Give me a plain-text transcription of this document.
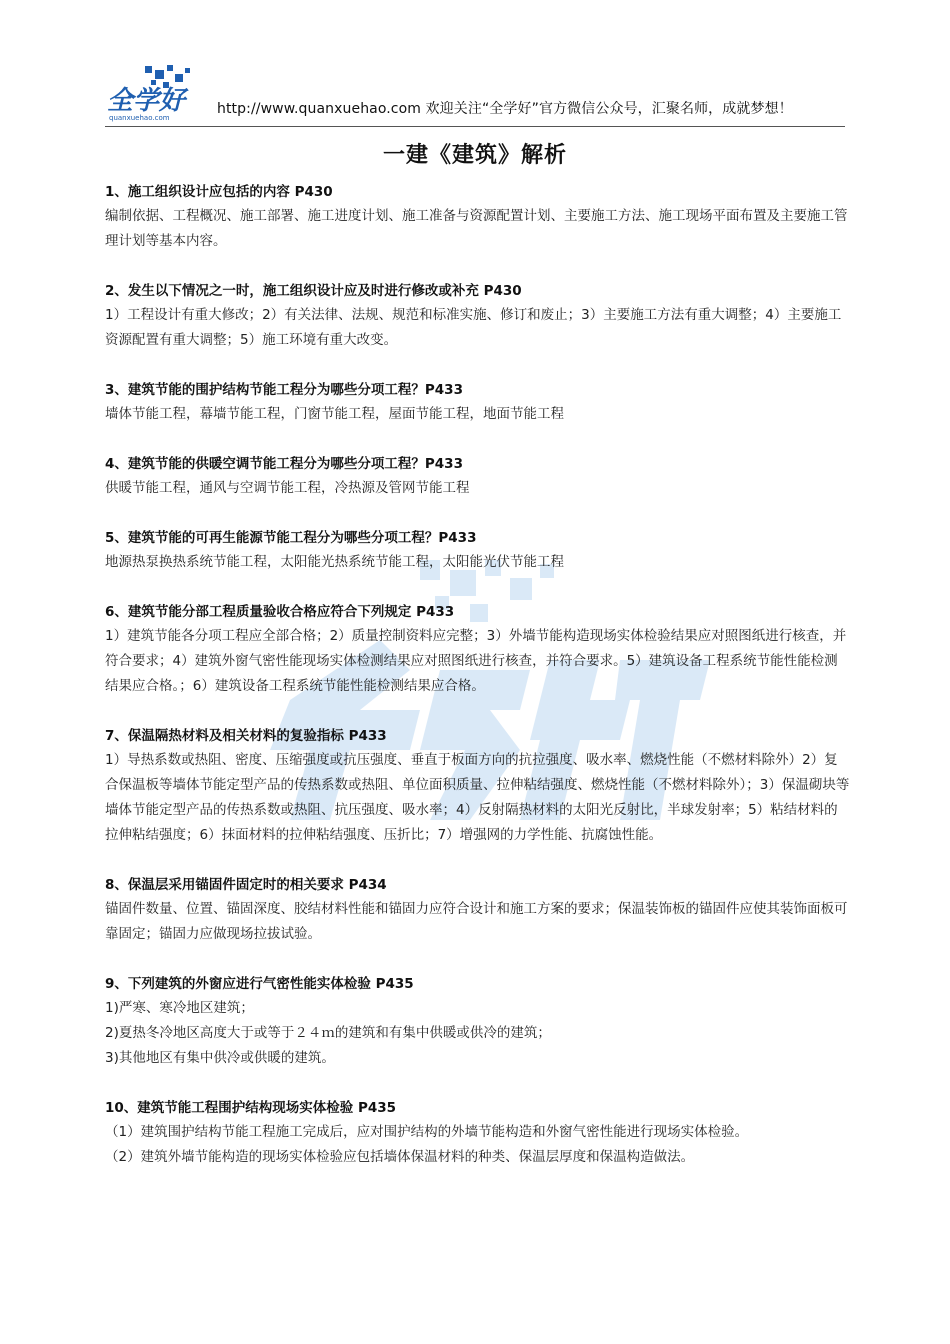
全学好
quanxuehao.com
http://www.quanxuehao.com 欢迎关注“全学好”官方微信公众号，汇聚名师，成就梦想！
一建《建筑》解析
1、施工组织设计应包括的内容 P430

编制依据、工程概况、施工部署、施工进度计划、施工准备与资源配置计划、主要施工方法、施工现场平面布置及主要施工管理计划等基本内容。

2、发生以下情况之一时，施工组织设计应及时进行修改或补充 P430

1）工程设计有重大修改；2）有关法律、法规、规范和标准实施、修订和废止；3）主要施工方法有重大调整；4）主要施工资源配置有重大调整；5）施工环境有重大改变。

3、建筑节能的围护结构节能工程分为哪些分项工程？P433

墙体节能工程，幕墙节能工程，门窗节能工程，屋面节能工程，地面节能工程

4、建筑节能的供暖空调节能工程分为哪些分项工程？P433

供暖节能工程，通风与空调节能工程，冷热源及管网节能工程

5、建筑节能的可再生能源节能工程分为哪些分项工程？P433

地源热泵换热系统节能工程，太阳能光热系统节能工程，太阳能光伏节能工程

6、建筑节能分部工程质量验收合格应符合下列规定 P433

1）建筑节能各分项工程应全部合格；2）质量控制资料应完整；3）外墙节能构造现场实体检验结果应对照图纸进行核查，并符合要求；4）建筑外窗气密性能现场实体检测结果应对照图纸进行核查，并符合要求。5）建筑设备工程系统节能性能检测结果应合格。；6）建筑设备工程系统节能性能检测结果应合格。

7、保温隔热材料及相关材料的复验指标 P433

1）导热系数或热阻、密度、压缩强度或抗压强度、垂直于板面方向的抗拉强度、吸水率、燃烧性能（不燃材料除外）2）复合保温板等墙体节能定型产品的传热系数或热阻、单位面积质量、拉伸粘结强度、燃烧性能（不燃材料除外）；3）保温砌块等墙体节能定型产品的传热系数或热阻、抗压强度、吸水率；4）反射隔热材料的太阳光反射比，半球发射率；5）粘结材料的拉伸粘结强度；6）抹面材料的拉伸粘结强度、压折比；7）增强网的力学性能、抗腐蚀性能。

8、保温层采用锚固件固定时的相关要求 P434

锚固件数量、位置、锚固深度、胶结材料性能和锚固力应符合设计和施工方案的要求；保温装饰板的锚固件应使其装饰面板可靠固定；锚固力应做现场拉拔试验。

9、下列建筑的外窗应进行气密性能实体检验 P435

1)严寒、寒冷地区建筑；

2)夏热冬冷地区高度大于或等于２４ｍ的建筑和有集中供暖或供冷的建筑；

3)其他地区有集中供冷或供暖的建筑。

10、建筑节能工程围护结构现场实体检验 P435

（1）建筑围护结构节能工程施工完成后，应对围护结构的外墙节能构造和外窗气密性能进行现场实体检验。

（2）建筑外墙节能构造的现场实体检验应包括墙体保温材料的种类、保温层厚度和保温构造做法。
